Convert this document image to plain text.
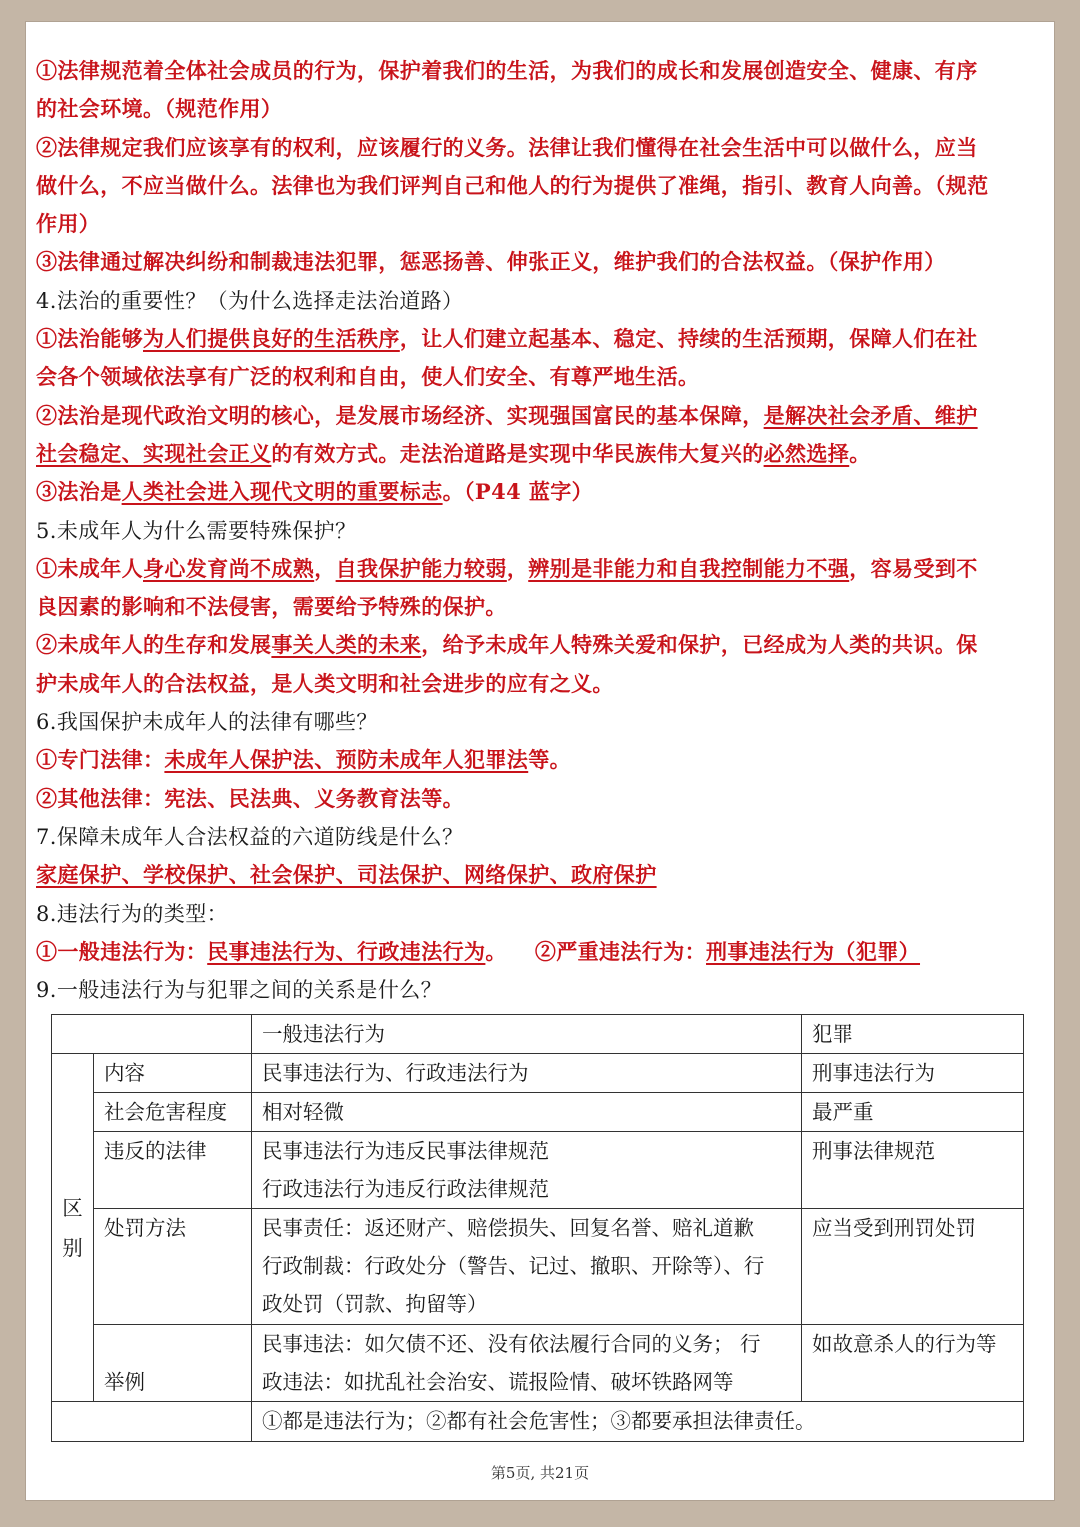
①法律规范着全体社会成员的行为，保护着我们的生活，为我们的成长和发展创造安全、健康、有序的社会环境。（规范作用）

②法律规定我们应该享有的权利，应该履行的义务。法律让我们懂得在社会生活中可以做什么，应当做什么，不应当做什么。法律也为我们评判自己和他人的行为提供了准绳，指引、教育人向善。（规范作用）

③法律通过解决纠纷和制裁违法犯罪，惩恶扬善、伸张正义，维护我们的合法权益。（保护作用）

4.法治的重要性？（为什么选择走法治道路）

①法治能够为人们提供良好的生活秩序，让人们建立起基本、稳定、持续的生活预期，保障人们在社会各个领域依法享有广泛的权利和自由，使人们安全、有尊严地生活。

②法治是现代政治文明的核心，是发展市场经济、实现强国富民的基本保障，是解决社会矛盾、维护社会稳定、实现社会正义的有效方式。走法治道路是实现中华民族伟大复兴的必然选择。

③法治是人类社会进入现代文明的重要标志。（P44 蓝字）

5.未成年人为什么需要特殊保护？

①未成年人身心发育尚不成熟，自我保护能力较弱，辨别是非能力和自我控制能力不强，容易受到不良因素的影响和不法侵害，需要给予特殊的保护。

②未成年人的生存和发展事关人类的未来，给予未成年人特殊关爱和保护，已经成为人类的共识。保护未成年人的合法权益，是人类文明和社会进步的应有之义。

6.我国保护未成年人的法律有哪些？

①专门法律：未成年人保护法、预防未成年人犯罪法等。

②其他法律：宪法、民法典、义务教育法等。

7.保障未成年人合法权益的六道防线是什么？

家庭保护、学校保护、社会保护、司法保护、网络保护、政府保护

8.违法行为的类型：

①一般违法行为：民事违法行为、行政违法行为。 ②严重违法行为：刑事违法行为（犯罪）

9.一般违法行为与犯罪之间的关系是什么？

		一般违法行为	犯罪
区别	内容	民事违法行为、行政违法行为	刑事违法行为
	社会危害程度	相对轻微	最严重
	违反的法律	民事违法行为违反民事法律规范
行政违法行为违反行政法律规范	刑事法律规范
	处罚方法	民事责任：返还财产、赔偿损失、回复名誉、赔礼道歉
行政制裁：行政处分（警告、记过、撤职、开除等）、行
政处罚（罚款、拘留等）	应当受到刑罚处罚
	举例	民事违法：如欠债不还、没有依法履行合同的义务； 行
政违法：如扰乱社会治安、谎报险情、破坏铁路网等	如故意杀人的行为等
		①都是违法行为；②都有社会危害性；③都要承担法律责任。	
第5页, 共21页
